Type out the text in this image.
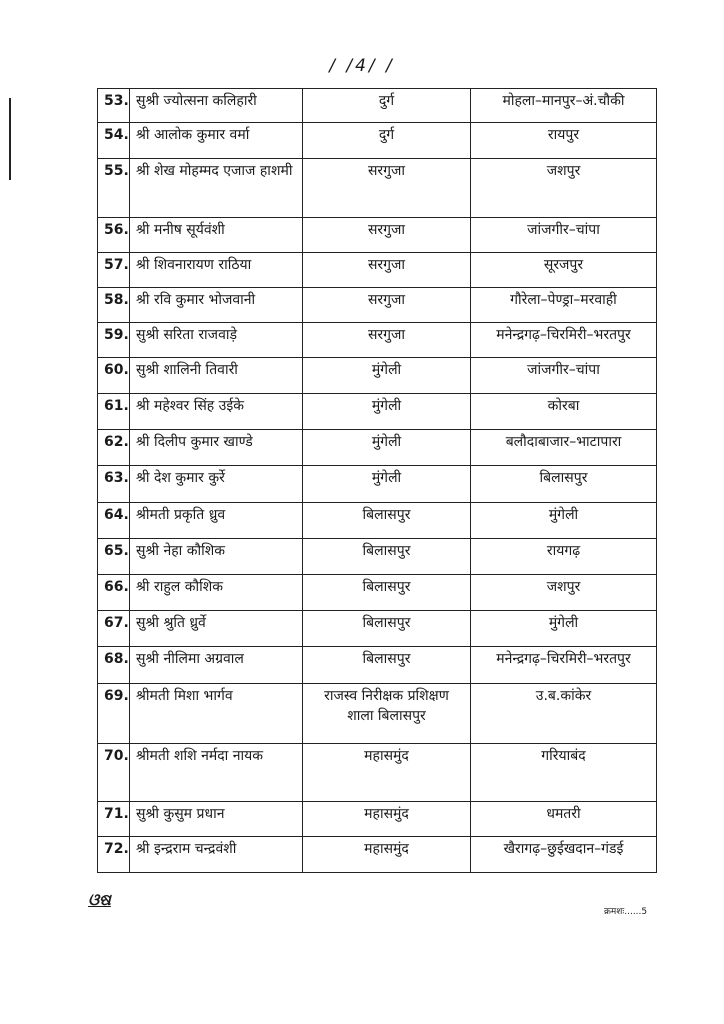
/ /4/ /
53.	सुश्री ज्योत्सना कलिहारी	दुर्ग	मोहला–मानपुर–अं.चौकी
54.	श्री आलोक कुमार वर्मा	दुर्ग	रायपुर
55.	श्री शेख मोहम्मद एजाज हाशमी	सरगुजा	जशपुर
56.	श्री मनीष सूर्यवंशी	सरगुजा	जांजगीर–चांपा
57.	श्री शिवनारायण राठिया	सरगुजा	सूरजपुर
58.	श्री रवि कुमार भोजवानी	सरगुजा	गौरेला–पेण्ड्रा–मरवाही
59.	सुश्री सरिता राजवाड़े	सरगुजा	मनेन्द्रगढ़–चिरमिरी–भरतपुर
60.	सुश्री शालिनी तिवारी	मुंगेली	जांजगीर–चांपा
61.	श्री महेश्वर सिंह उईके	मुंगेली	कोरबा
62.	श्री दिलीप कुमार खाण्डे	मुंगेली	बलौदाबाजार–भाटापारा
63.	श्री देश कुमार कुर्रे	मुंगेली	बिलासपुर
64.	श्रीमती प्रकृति ध्रुव	बिलासपुर	मुंगेली
65.	सुश्री नेहा कौशिक	बिलासपुर	रायगढ़
66.	श्री राहुल कौशिक	बिलासपुर	जशपुर
67.	सुश्री श्रुति ध्रुर्वे	बिलासपुर	मुंगेली
68.	सुश्री नीलिमा अग्रवाल	बिलासपुर	मनेन्द्रगढ़–चिरमिरी–भरतपुर
69.	श्रीमती मिशा भार्गव	राजस्व निरीक्षक प्रशिक्षण शाला बिलासपुर	उ.ब.कांकेर
70.	श्रीमती शशि नर्मदा नायक	महासमुंद	गरियाबंद
71.	सुश्री कुसुम प्रधान	महासमुंद	धमतरी
72.	श्री इन्द्रराम चन्द्रवंशी	महासमुंद	खैरागढ़–छुईखदान–गंडई
ଓଷ
क्रमशः......5
